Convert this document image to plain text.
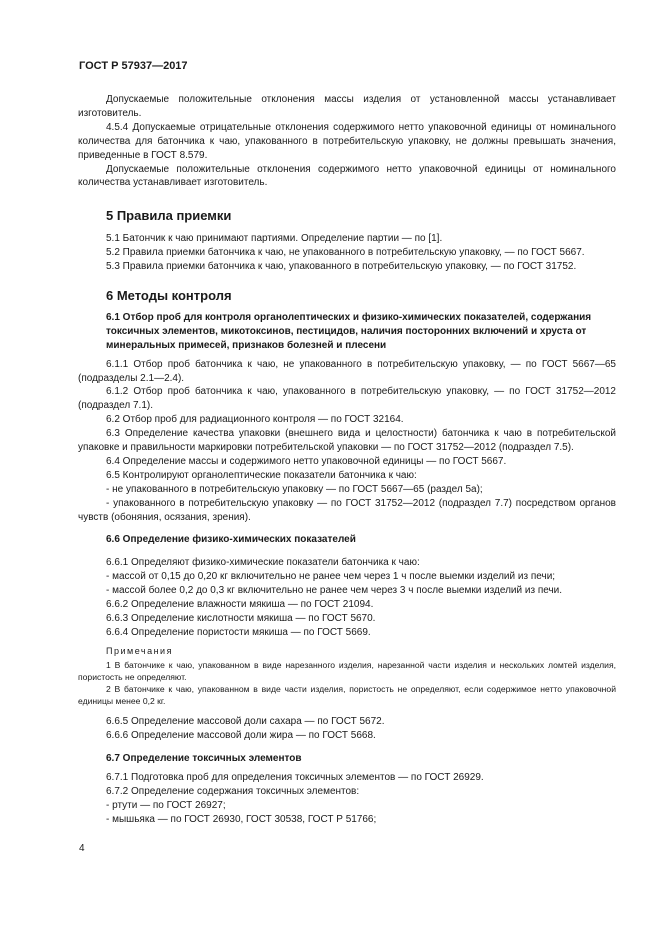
ГОСТ Р 57937—2017

Допускаемые положительные отклонения массы изделия от установленной массы устанавливает изготовитель.

4.5.4 Допускаемые отрицательные отклонения содержимого нетто упаковочной единицы от номинального количества для батончика к чаю, упакованного в потребительскую упаковку, не должны превышать значения, приведенные в ГОСТ 8.579.

Допускаемые положительные отклонения содержимого нетто упаковочной единицы от номинального количества устанавливает изготовитель.

5 Правила приемки

5.1 Батончик к чаю принимают партиями. Определение партии — по [1].

5.2 Правила приемки батончика к чаю, не упакованного в потребительскую упаковку, — по ГОСТ 5667.

5.3 Правила приемки батончика к чаю, упакованного в потребительскую упаковку, — по ГОСТ 31752.

6 Методы контроля

6.1 Отбор проб для контроля органолептических и физико-химических показателей, содержания токсичных элементов, микотоксинов, пестицидов, наличия посторонних включений и хруста от минеральных примесей, признаков болезней и плесени

6.1.1 Отбор проб батончика к чаю, не упакованного в потребительскую упаковку, — по ГОСТ 5667—65 (подразделы 2.1—2.4).

6.1.2 Отбор проб батончика к чаю, упакованного в потребительскую упаковку, — по ГОСТ 31752—2012 (подраздел 7.1).

6.2 Отбор проб для радиационного контроля — по ГОСТ 32164.

6.3 Определение качества упаковки (внешнего вида и целостности) батончика к чаю в потребительской упаковке и правильности маркировки потребительской упаковки — по ГОСТ 31752—2012 (подраздел 7.5).

6.4 Определение массы и содержимого нетто упаковочной единицы — по ГОСТ 5667.

6.5 Контролируют органолептические показатели батончика к чаю:

- не упакованного в потребительскую упаковку — по ГОСТ 5667—65 (раздел 5а);

- упакованного в потребительскую упаковку — по ГОСТ 31752—2012 (подраздел 7.7) посредством органов чувств (обоняния, осязания, зрения).

6.6 Определение физико-химических показателей

6.6.1 Определяют физико-химические показатели батончика к чаю:

- массой от 0,15 до 0,20 кг включительно не ранее чем через 1 ч после выемки изделий из печи;

- массой более 0,2 до 0,3 кг включительно не ранее чем через 3 ч после выемки изделий из печи.

6.6.2 Определение влажности мякиша — по ГОСТ 21094.

6.6.3 Определение кислотности мякиша — по ГОСТ 5670.

6.6.4 Определение пористости мякиша — по ГОСТ 5669.

Примечания

1 В батончике к чаю, упакованном в виде нарезанного изделия, нарезанной части изделия и нескольких ломтей изделия, пористость не определяют.

2 В батончике к чаю, упакованном в виде части изделия, пористость не определяют, если содержимое нетто упаковочной единицы менее 0,2 кг.

6.6.5 Определение массовой доли сахара — по ГОСТ 5672.

6.6.6 Определение массовой доли жира — по ГОСТ 5668.

6.7 Определение токсичных элементов

6.7.1 Подготовка проб для определения токсичных элементов — по ГОСТ 26929.

6.7.2 Определение содержания токсичных элементов:

- ртути — по ГОСТ 26927;

- мышьяка — по ГОСТ 26930, ГОСТ 30538, ГОСТ Р 51766;

4
